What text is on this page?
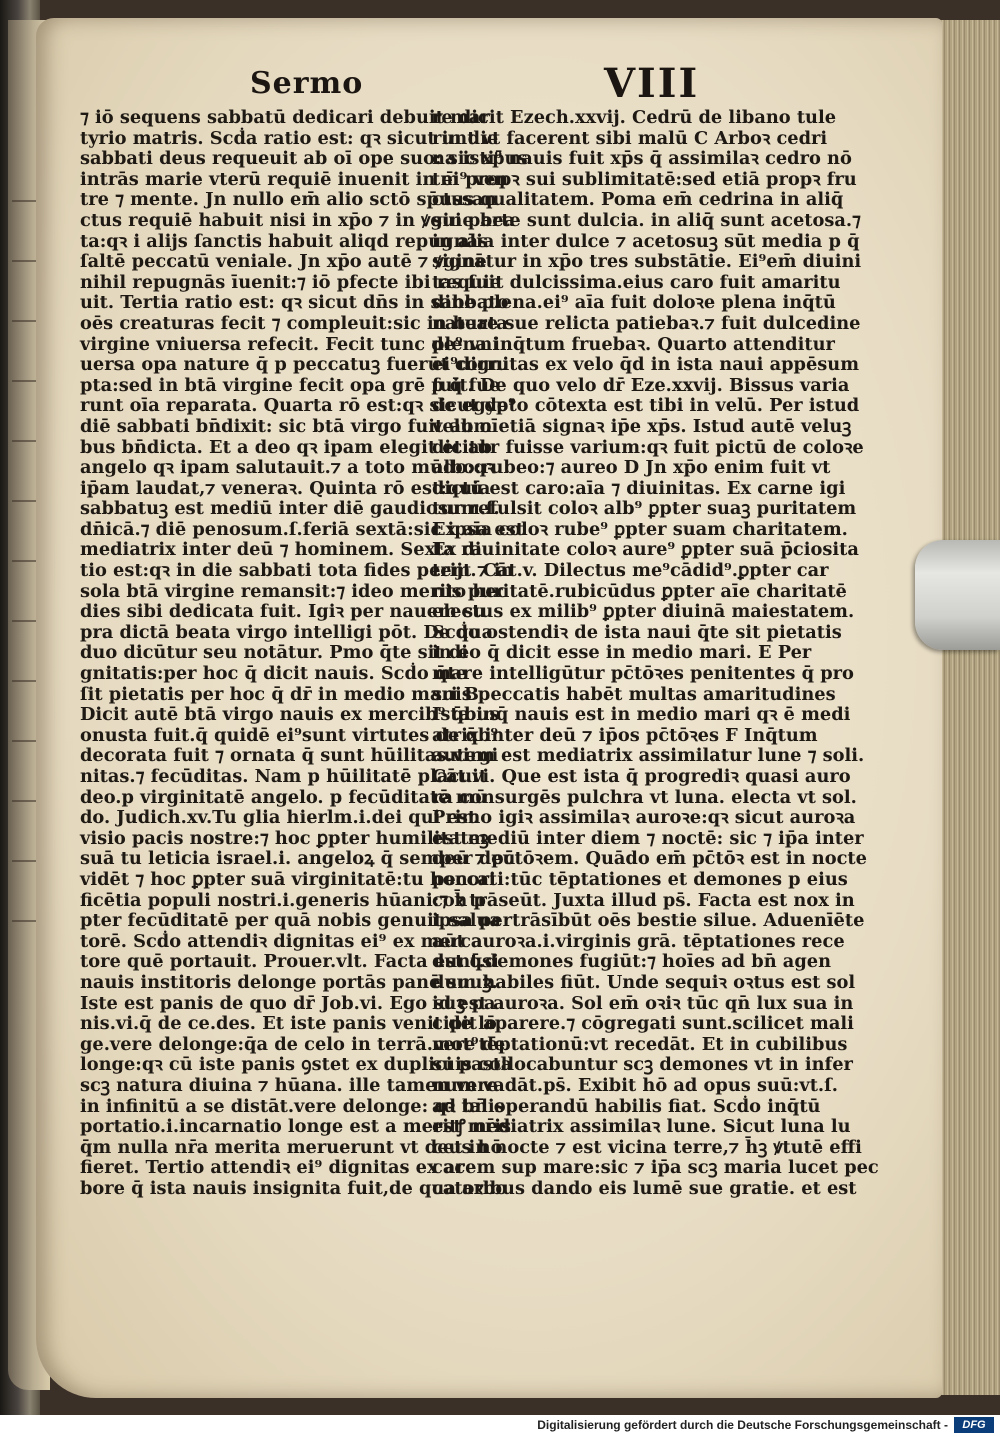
Sermo	VIII
⁊ iō sequens sabbatū dedicari debuit mar
tyrio matris. Scḋa ratio est: qꝛ sicut in die
sabbati deus requeuit ab oī ope suo: sic xp̄us
intrās marie vterū requiē inuenit in ei⁹ ven
tre ⁊ mente. Jn nullo em̄ alio sctō sp̄ussan
ctus requiē habuit nisi in xp̄o ⁊ in ꝟgine bea
ta:qꝛ i alijs ſanctis habuit aliqd repugnās
ſaltē peccatū veniale. Jn xp̄o autē ⁊ ꝟgine
nihil repugnās īuenit:⁊ iō pfecte ibi requie
uit. Tertia ratio est: qꝛ sicut dn̄s in sabbato
oēs creaturas fecit ⁊ compleuit:sic in beata
virgine vniuersa refecit. Fecit tunc de⁹ vni
uersa opa nature q̄ p peccatuꝫ fuerūt corru
pta:sed in btā virgine fecit opa grē p q̄ fue
runt oīa reparata. Quarta rō est:qꝛ sicut de⁹
diē sabbati bn̄dixit: sic btā virgo fuit ab oī
bus bn̄dicta. Et a deo qꝛ ipam elegit et ab
angelo qꝛ ipam salutauit.⁊ a toto mūdo:qꝛ
ip̄am laudat,⁊ veneraꝛ. Quinta rō est:quia
sabbatuꝫ est mediū inter diē gaudiosum.ſ.
dn̄icā.⁊ diē penosum.ſ.feriā sextā:sic ipsa est
mediatrix inter deū ⁊ hominem. Sexta ra
tio est:qꝛ in die sabbati tota fides perijt ⁊ in
sola btā virgine remansit:⁊ ideo merito hec
dies sibi dedicata fuit. Igiꝛ per nauem su
pra dictā beata virgo intelligi pōt. De qua
duo dicūtur seu notātur. Pmo q̄te sit di
gnitatis:per hoc q̄ dicit nauis. Scḋo q̄te
ſit pietatis per hoc q̄ dr̄ in medio mari B
Dicit autē btā virgo nauis ex mercib⁹ q̄bus
onusta fuit.q̄ quidē ei⁹sunt virtutes de q̄b⁹
decorata fuit ⁊ ornata q̄ sunt hūilitas.virgi
nitas.⁊ fecūditas. Nam p hūilitatē placuit
deo.p virginitatē angelo. p fecūditatē mū
do. Judich.xv.Tu glia hierlm.i.dei qui est
visio pacis nostre:⁊ hoc ꝑpter humilitateꝫ
suā tu leticia israel.i. angeloꝝ q̄ semper deū
vidēt ⁊ hoc ꝑpter suā virginitatē:tu honori
ficētia populi nostri.i.generis hūani:⁊ h̄ p
pter fecūditatē per quā nobis genuit salua
torē. Scḋo attendiꝛ dignitas ei⁹ ex merca
tore quē portauit. Prouer.vlt. Facta est q̄si
nauis institoris delonge portās panē suuꝫ.
Iste est panis de quo dr̄ Job.vi. Ego suꝫ pa
nis.vi.q̄ de ce.des. Et iste panis venit de lō
ge.vere delonge:q̄a de celo in terrā.vere de
longe:qꝛ cū iste panis ꝯstet ex duplici pasta
scꝫ natura diuina ⁊ hūana. ille tamen vere
in infinitū a se distāt.vere delonge: qꝛ talis
portatio.i.incarnatio longe est a meritꝭ nr̄is
q̄m nulla nr̄a merita meruerunt vt deus hō
fieret. Tertio attendiꝛ ei⁹ dignitas ex ar
bore q̄ ista nauis insignita fuit,de qua arbo
re dicit Ezech.xxvij. Cedrū de libano tule
runt vt facerent sibi malū C Arboꝛ cedri
na isti⁹ nauis fuit xp̄s q̄ assimilaꝛ cedro nō
tm̄ propꝛ sui sublimitatē:sed etiā propꝛ fru
ctus qualitatem. Poma em̄ cedrina in aliq̄
sui parte sunt dulcia. in aliq̄ sunt acetosa.⁊
in alia inter dulce ⁊ acetosuꝫ sūt media p q̄
signātur in xp̄o tres substātie. Ei⁹em̄ diuini
tas fuit dulcissima.eius caro fuit amaritu
dine plena.ei⁹ aīa fuit doloꝛe plena inq̄tū
nature sue relicta patiebaꝛ.⁊ fuit dulcedine
plena inq̄tum fruebaꝛ. Quarto attenditur
ei⁹dignitas ex velo q̄d in ista naui appēsum
fuit. De quo velo dr̄ Eze.xxvij. Bissus varia
de egypto cōtexta est tibi in velū. Per istud
velum etiā signaꝛ ip̄e xp̄s. Istud autē veluꝫ
dicitur fuisse varium:qꝛ fuit pictū de coloꝛe
albo:rubeo:⁊ aureo D Jn xp̄o enim fuit vt
dictū est caro:aīa ⁊ diuinitas. Ex carne igi
tur refulsit coloꝛ alb⁹ ꝑpter suaꝫ puritatem
Ex aīa coloꝛ rube⁹ ꝑpter suam charitatem.
Ex diuinitate coloꝛ aure⁹ ꝑpter suā p̄ciosita
tem. Cāt.v. Dilectus me⁹cādid⁹.ꝑpter car
nis puritatē.rubicūdus ꝑpter aīe charitatē
electus ex milib⁹ ꝑpter diuinā maiestatem.
Scḋo ostendiꝛ de ista naui q̄te sit pietatis
in eo q̄ dicit esse in medio mari. E Per
mare intelligūtur pc̄tōꝛes penitentes q̄ pro
suis peccatis habēt multas amaritudines
Ista inq̄ nauis est in medio mari qꝛ ē medi
atrix inter deū ⁊ ip̄os pc̄tōꝛes F Inq̄tum
autem est mediatrix assimilatur lune ⁊ soli.
Cāt.vi. Que est ista q̄ progrediꝛ quasi auro
ra consurgēs pulchra vt luna. electa vt sol.
Primo igiꝛ assimilaꝛ auroꝛe:qꝛ sicut auroꝛa
est mediū inter diem ⁊ noctē: sic ⁊ ip̄a inter
deū ⁊ pc̄tōꝛem. Quādo em̄ pc̄tōꝛ est in nocte
peccati:tūc tēptationes et demones p eius
coꝛ trāseūt. Juxta illud ps̄. Facta est nox in
ipsa pertrāsībūt oēs bestie silue. Aduenīēte
aūt auroꝛa.i.virginis grā. tēptationes rece
dunt.demones fugiūt:⁊ hoīes ad bn̄ agen
dum habiles fiūt. Unde sequiꝛ oꝛtus est sol
id est auroꝛa. Sol em̄ oꝛiꝛ tūc qn̄ lux sua in
cipit aparere.⁊ cōgregati sunt.scilicet mali
mot⁹tēptationū:vt recedāt. Et in cubilibus
suis collocabuntur scꝫ demones vt in infer
num vadāt.ps̄. Exibit hō ad opus suū:vt.ſ.
ad bn̄ operandū habilis fiat. Scḋo inq̄tū
est mediatrix assimilaꝛ lune. Sicut luna lu
cet in nocte ⁊ est vicina terre,⁊ h̄ꝫ ꝟtutē effi
cacem sup mare:sic ⁊ ip̄a scꝫ maria lucet pec
catoꝛibus dando eis lumē sue gratie. et est
Digitalisierung gefördert durch die Deutsche Forschungsgemeinschaft -	DFG
